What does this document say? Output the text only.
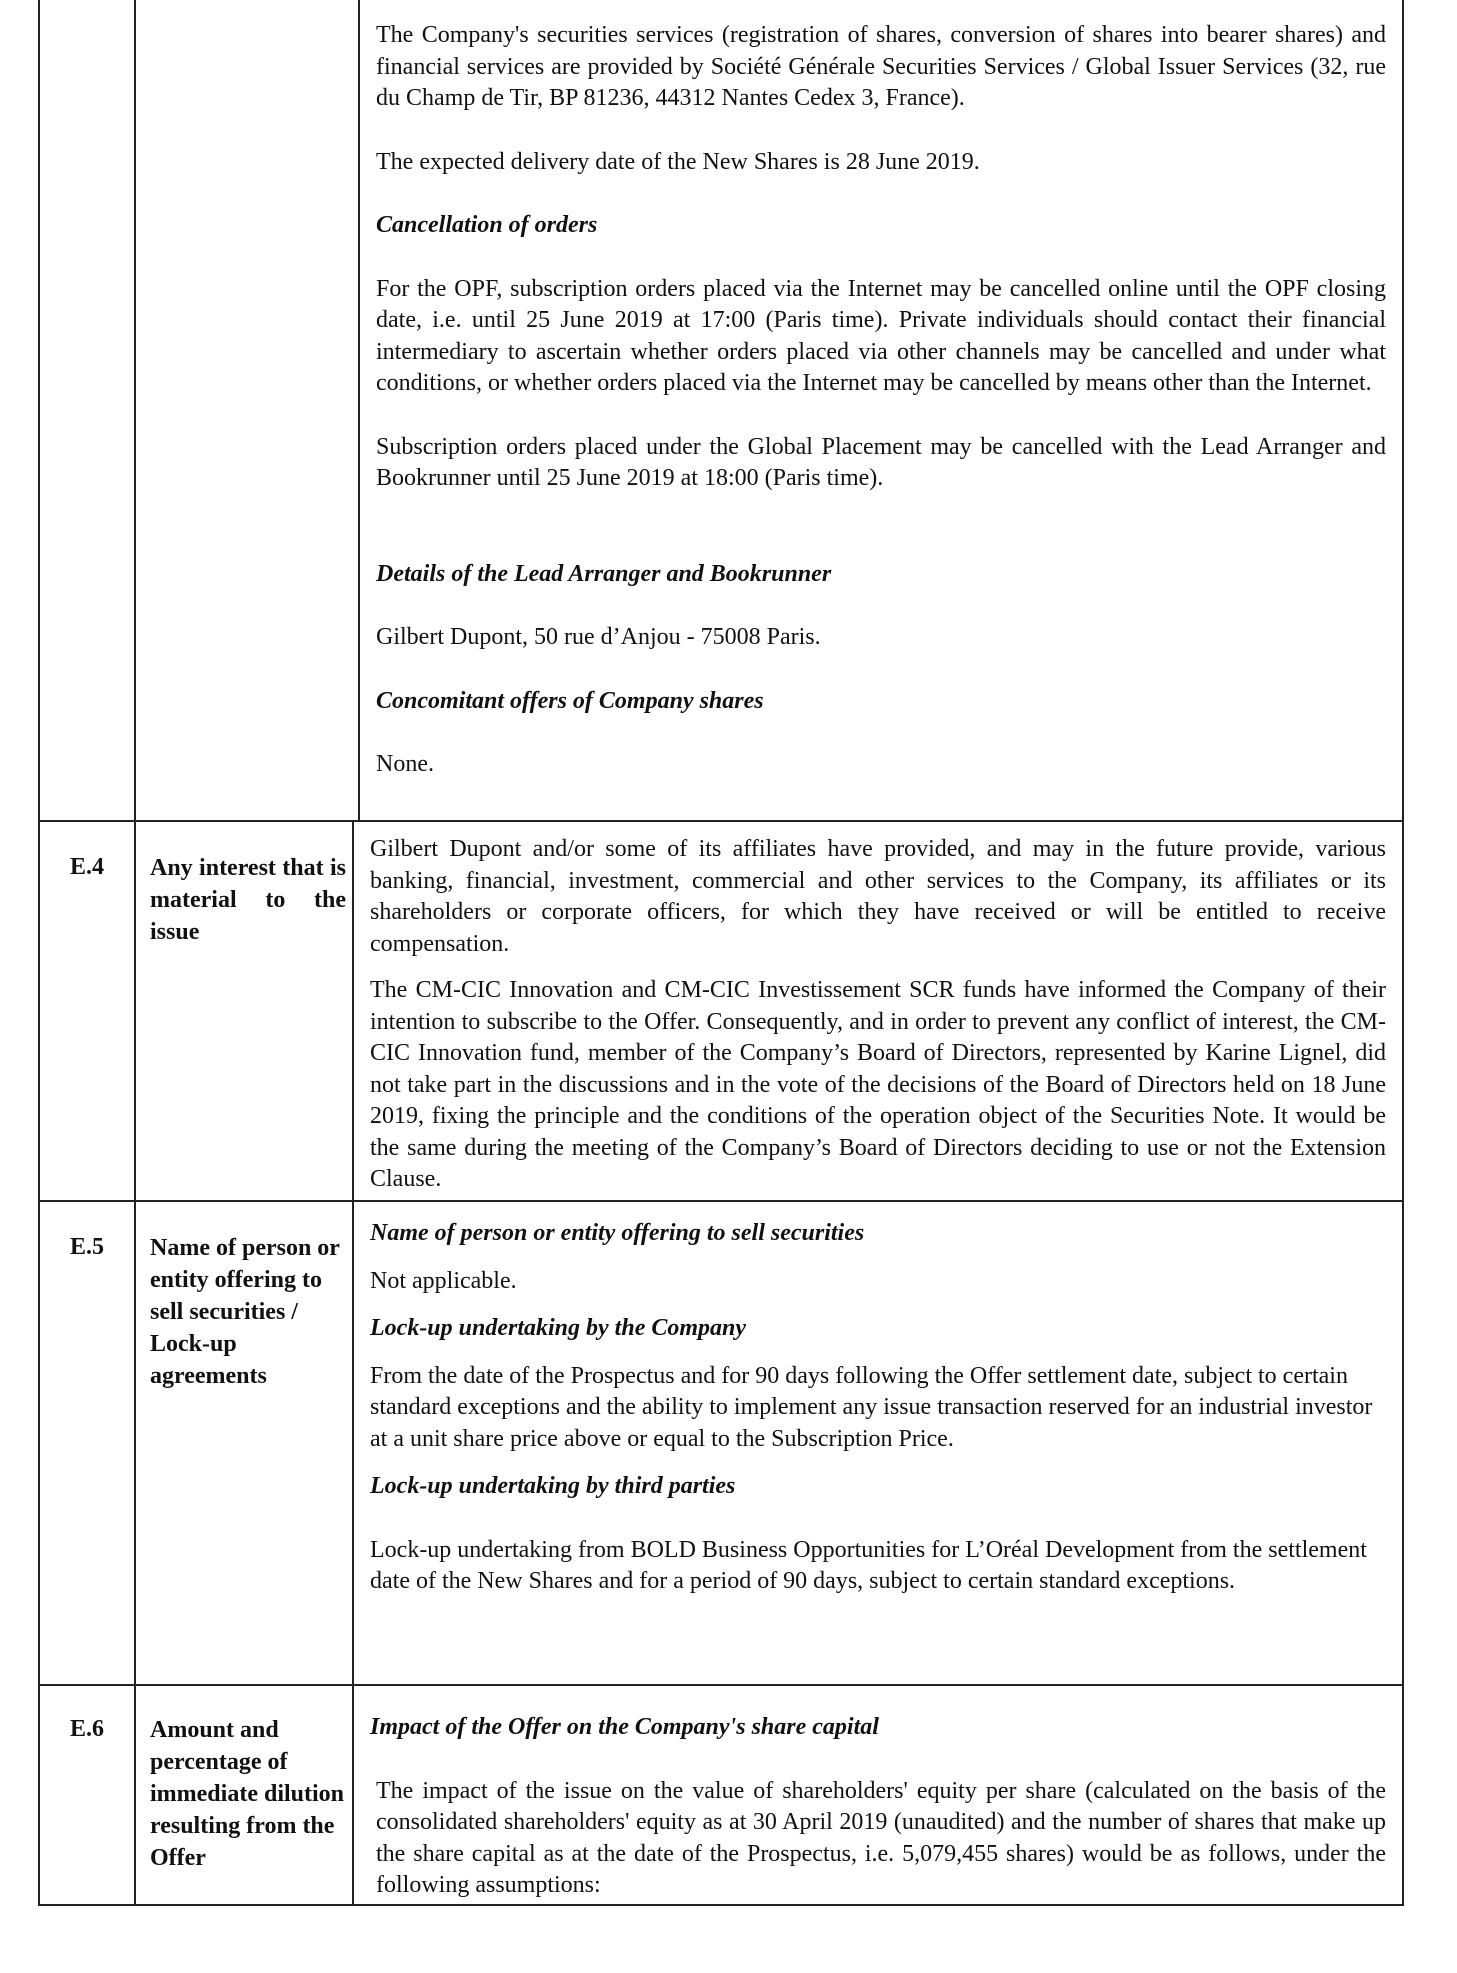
The Company's securities services (registration of shares, conversion of shares into bearer shares) and financial services are provided by Société Générale Securities Services / Global Issuer Services (32, rue du Champ de Tir, BP 81236, 44312 Nantes Cedex 3, France).

The expected delivery date of the New Shares is 28 June 2019.

Cancellation of orders

For the OPF, subscription orders placed via the Internet may be cancelled online until the OPF closing date, i.e. until 25 June 2019 at 17:00 (Paris time). Private individuals should contact their financial intermediary to ascertain whether orders placed via other channels may be cancelled and under what conditions, or whether orders placed via the Internet may be cancelled by means other than the Internet.

Subscription orders placed under the Global Placement may be cancelled with the Lead Arranger and Bookrunner until 25 June 2019 at 18:00 (Paris time).

Details of the Lead Arranger and Bookrunner

Gilbert Dupont, 50 rue d’Anjou - 75008 Paris.

Concomitant offers of Company shares

None.

E.4	Any interest that is material to the issue

Gilbert Dupont and/or some of its affiliates have provided, and may in the future provide, various banking, financial, investment, commercial and other services to the Company, its affiliates or its shareholders or corporate officers, for which they have received or will be entitled to receive compensation.

The CM-CIC Innovation and CM-CIC Investissement SCR funds have informed the Company of their intention to subscribe to the Offer. Consequently, and in order to prevent any conflict of interest, the CM-CIC Innovation fund, member of the Company’s Board of Directors, represented by Karine Lignel, did not take part in the discussions and in the vote of the decisions of the Board of Directors held on 18 June 2019, fixing the principle and the conditions of the operation object of the Securities Note. It would be the same during the meeting of the Company’s Board of Directors deciding to use or not the Extension Clause.

E.5	Name of person or entity offering to sell securities / Lock-up agreements

Name of person or entity offering to sell securities

Not applicable.

Lock-up undertaking by the Company

From the date of the Prospectus and for 90 days following the Offer settlement date, subject to certain standard exceptions and the ability to implement any issue transaction reserved for an industrial investor at a unit share price above or equal to the Subscription Price.

Lock-up undertaking by third parties

Lock-up undertaking from BOLD Business Opportunities for L’Oréal Development from the settlement date of the New Shares and for a period of 90 days, subject to certain standard exceptions.

E.6	Amount and percentage of immediate dilution resulting from the Offer

Impact of the Offer on the Company's share capital

The impact of the issue on the value of shareholders' equity per share (calculated on the basis of the consolidated shareholders' equity as at 30 April 2019 (unaudited) and the number of shares that make up the share capital as at the date of the Prospectus, i.e. 5,079,455 shares) would be as follows, under the following assumptions:
